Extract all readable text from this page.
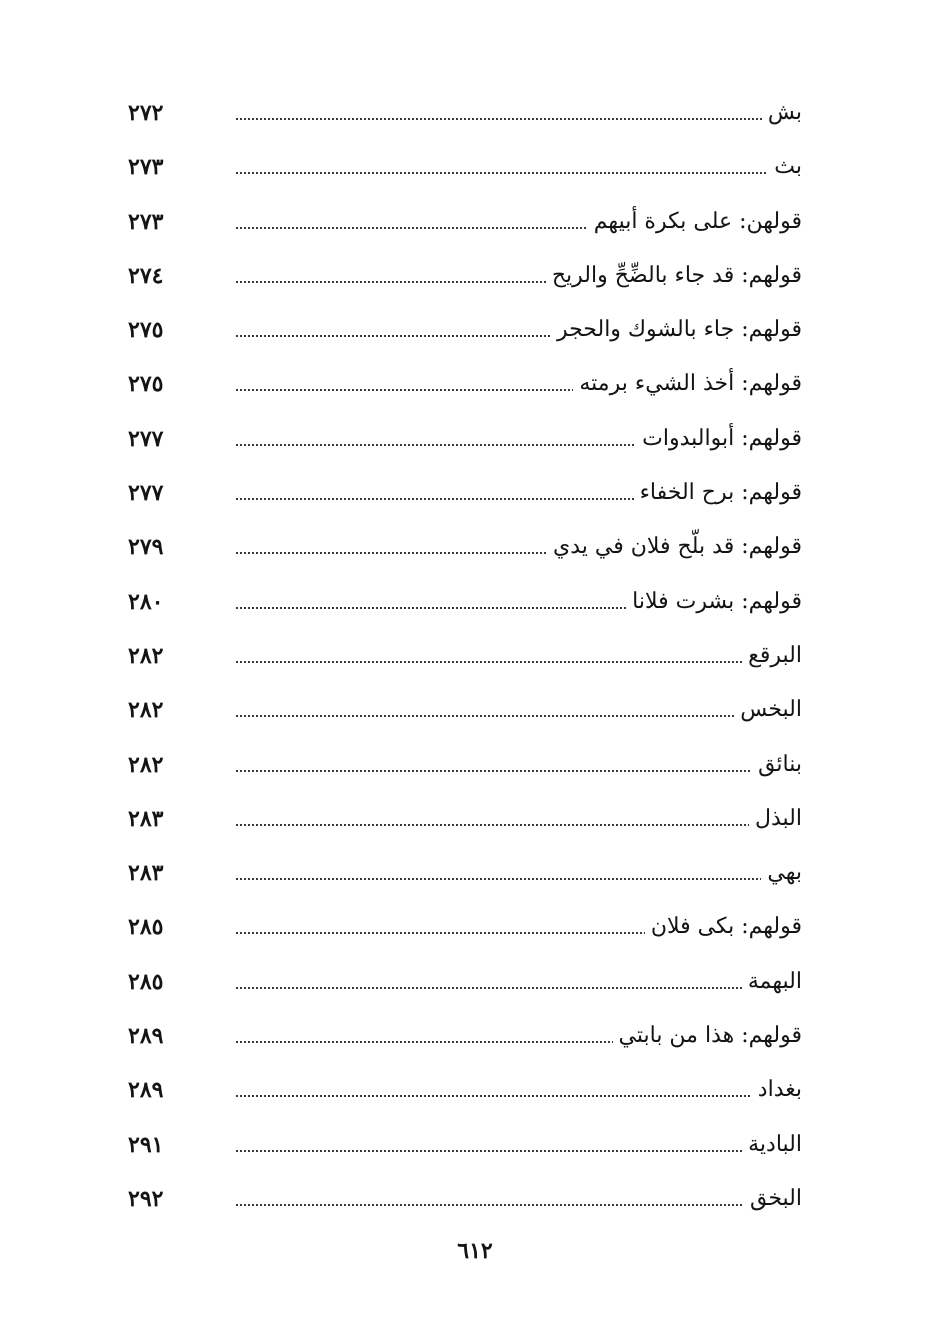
بش
٢٧٢
بث
٢٧٣
قولهن: على بكرة أبيهم
٢٧٣
قولهم: قد جاء بالضِّحِّ والريح
٢٧٤
قولهم: جاء بالشوك والحجر
٢٧٥
قولهم: أخذ الشيء برمته
٢٧٥
قولهم: أبوالبدوات
٢٧٧
قولهم: برح الخفاء
٢٧٧
قولهم: قد بلّح فلان في يدي
٢٧٩
قولهم: بشرت فلانا
٢٨٠
البرقع
٢٨٢
البخس
٢٨٢
بنائق
٢٨٢
البذل
٢٨٣
بهي
٢٨٣
قولهم: بكى فلان
٢٨٥
البهمة
٢٨٥
قولهم: هذا من بابتي
٢٨٩
بغداد
٢٨٩
البادية
٢٩١
البخق
٢٩٢
٦١٢
